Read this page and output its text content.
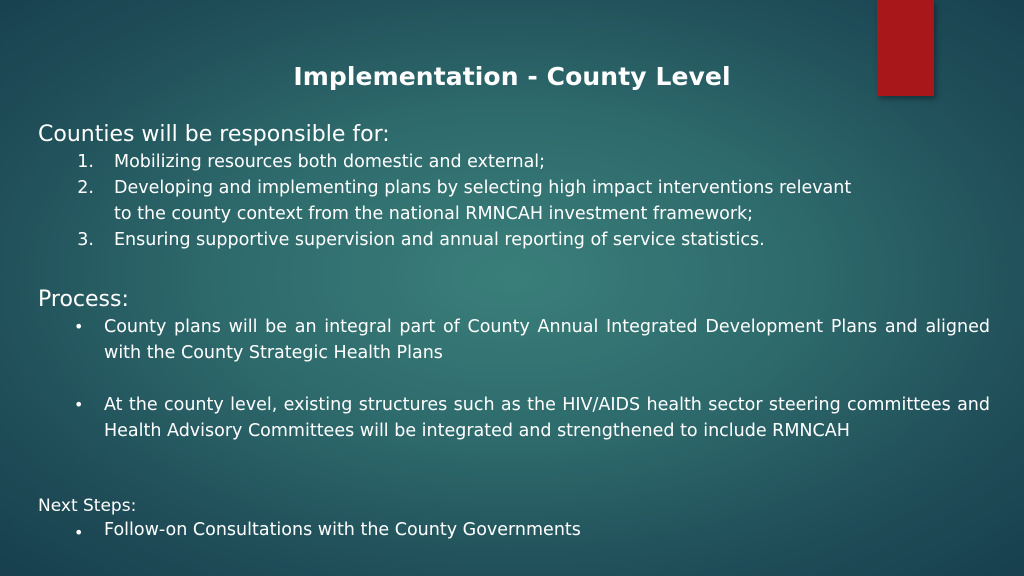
Implementation - County Level
Counties will be responsible for:
1. Mobilizing resources both domestic and external;
2. Developing and implementing plans by selecting high impact interventions relevant
to the county context from the national RMNCAH investment framework;
3. Ensuring supportive supervision and annual reporting of service statistics.
Process:
• County plans will be an integral part of County Annual Integrated Development Plans and aligned with the County Strategic Health Plans
• At the county level, existing structures such as the HIV/AIDS health sector steering committees and Health Advisory Committees will be integrated and strengthened to include RMNCAH
Next Steps:
• Follow-on Consultations with the County Governments
